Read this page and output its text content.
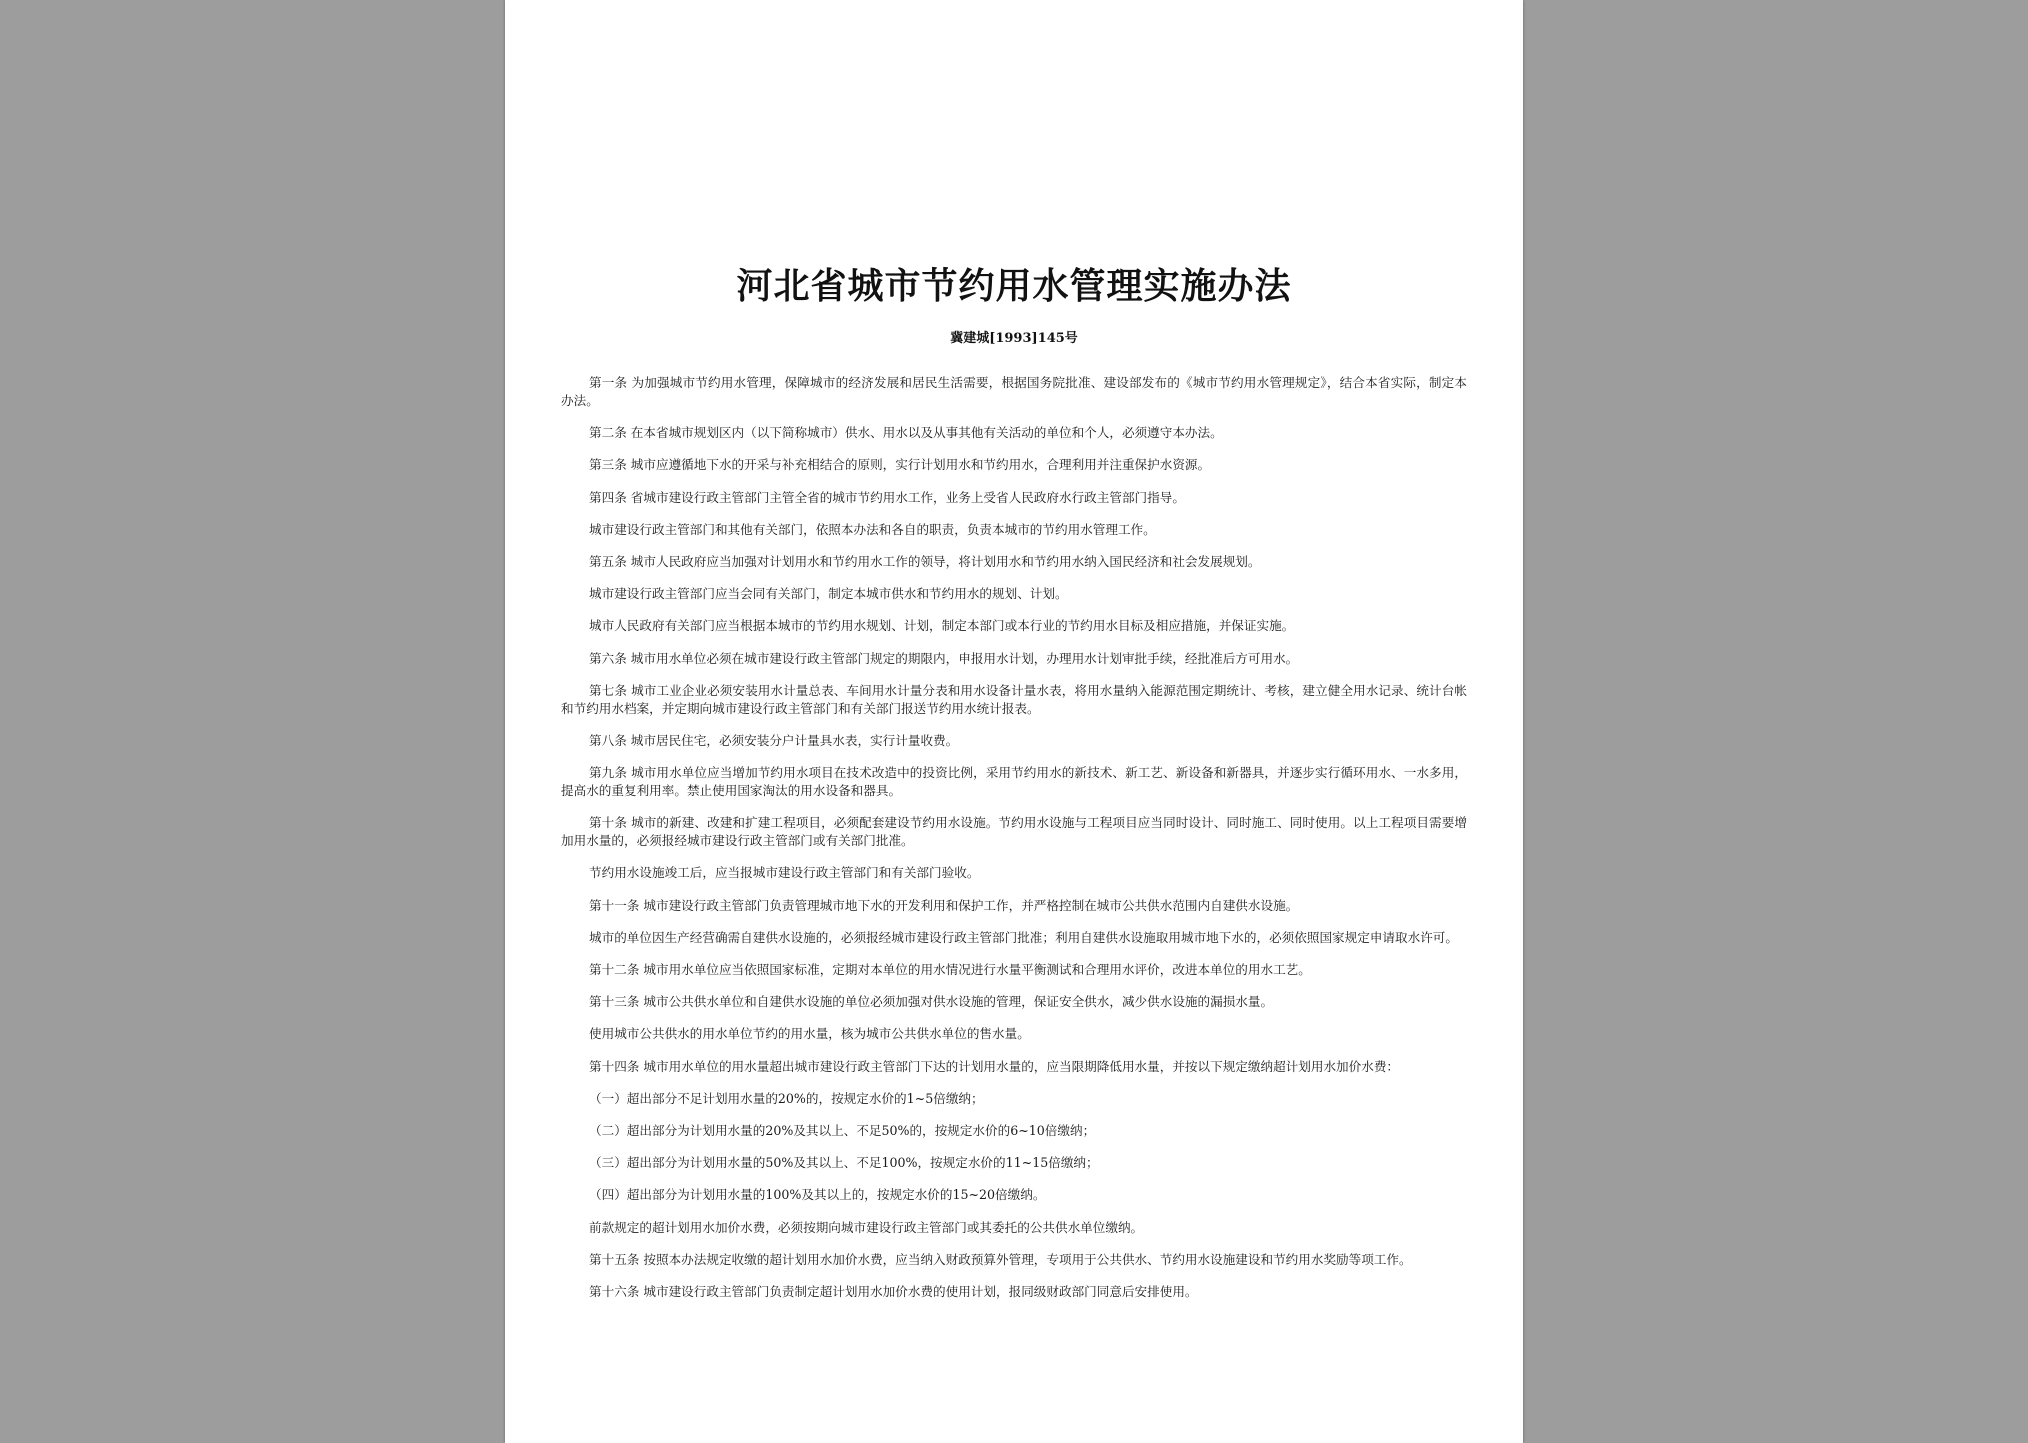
河北省城市节约用水管理实施办法
冀建城[1993]145号

第一条 为加强城市节约用水管理，保障城市的经济发展和居民生活需要，根据国务院批准、建设部发布的《城市节约用水管理规定》，结合本省实际，制定本办法。

第二条 在本省城市规划区内（以下简称城市）供水、用水以及从事其他有关活动的单位和个人，必须遵守本办法。

第三条 城市应遵循地下水的开采与补充相结合的原则，实行计划用水和节约用水，合理利用并注重保护水资源。

第四条 省城市建设行政主管部门主管全省的城市节约用水工作，业务上受省人民政府水行政主管部门指导。

城市建设行政主管部门和其他有关部门，依照本办法和各自的职责，负责本城市的节约用水管理工作。

第五条 城市人民政府应当加强对计划用水和节约用水工作的领导，将计划用水和节约用水纳入国民经济和社会发展规划。

城市建设行政主管部门应当会同有关部门，制定本城市供水和节约用水的规划、计划。

城市人民政府有关部门应当根据本城市的节约用水规划、计划，制定本部门或本行业的节约用水目标及相应措施，并保证实施。

第六条 城市用水单位必须在城市建设行政主管部门规定的期限内，申报用水计划，办理用水计划审批手续，经批准后方可用水。

第七条 城市工业企业必须安装用水计量总表、车间用水计量分表和用水设备计量水表，将用水量纳入能源范围定期统计、考核，建立健全用水记录、统计台帐和节约用水档案，并定期向城市建设行政主管部门和有关部门报送节约用水统计报表。

第八条 城市居民住宅，必须安装分户计量具水表，实行计量收费。

第九条 城市用水单位应当增加节约用水项目在技术改造中的投资比例，采用节约用水的新技术、新工艺、新设备和新器具，并逐步实行循环用水、一水多用，提高水的重复利用率。禁止使用国家淘汰的用水设备和器具。

第十条 城市的新建、改建和扩建工程项目，必须配套建设节约用水设施。节约用水设施与工程项目应当同时设计、同时施工、同时使用。以上工程项目需要增加用水量的，必须报经城市建设行政主管部门或有关部门批准。

节约用水设施竣工后，应当报城市建设行政主管部门和有关部门验收。

第十一条 城市建设行政主管部门负责管理城市地下水的开发利用和保护工作，并严格控制在城市公共供水范围内自建供水设施。

城市的单位因生产经营确需自建供水设施的，必须报经城市建设行政主管部门批准；利用自建供水设施取用城市地下水的，必须依照国家规定申请取水许可。

第十二条 城市用水单位应当依照国家标准，定期对本单位的用水情况进行水量平衡测试和合理用水评价，改进本单位的用水工艺。

第十三条 城市公共供水单位和自建供水设施的单位必须加强对供水设施的管理，保证安全供水，减少供水设施的漏损水量。

使用城市公共供水的用水单位节约的用水量，核为城市公共供水单位的售水量。

第十四条 城市用水单位的用水量超出城市建设行政主管部门下达的计划用水量的，应当限期降低用水量，并按以下规定缴纳超计划用水加价水费：

（一）超出部分不足计划用水量的20%的，按规定水价的1~5倍缴纳；

（二）超出部分为计划用水量的20%及其以上、不足50%的，按规定水价的6~10倍缴纳；

（三）超出部分为计划用水量的50%及其以上、不足100%，按规定水价的11~15倍缴纳；

（四）超出部分为计划用水量的100%及其以上的，按规定水价的15~20倍缴纳。

前款规定的超计划用水加价水费，必须按期向城市建设行政主管部门或其委托的公共供水单位缴纳。

第十五条 按照本办法规定收缴的超计划用水加价水费，应当纳入财政预算外管理，专项用于公共供水、节约用水设施建设和节约用水奖励等项工作。

第十六条 城市建设行政主管部门负责制定超计划用水加价水费的使用计划，报同级财政部门同意后安排使用。
